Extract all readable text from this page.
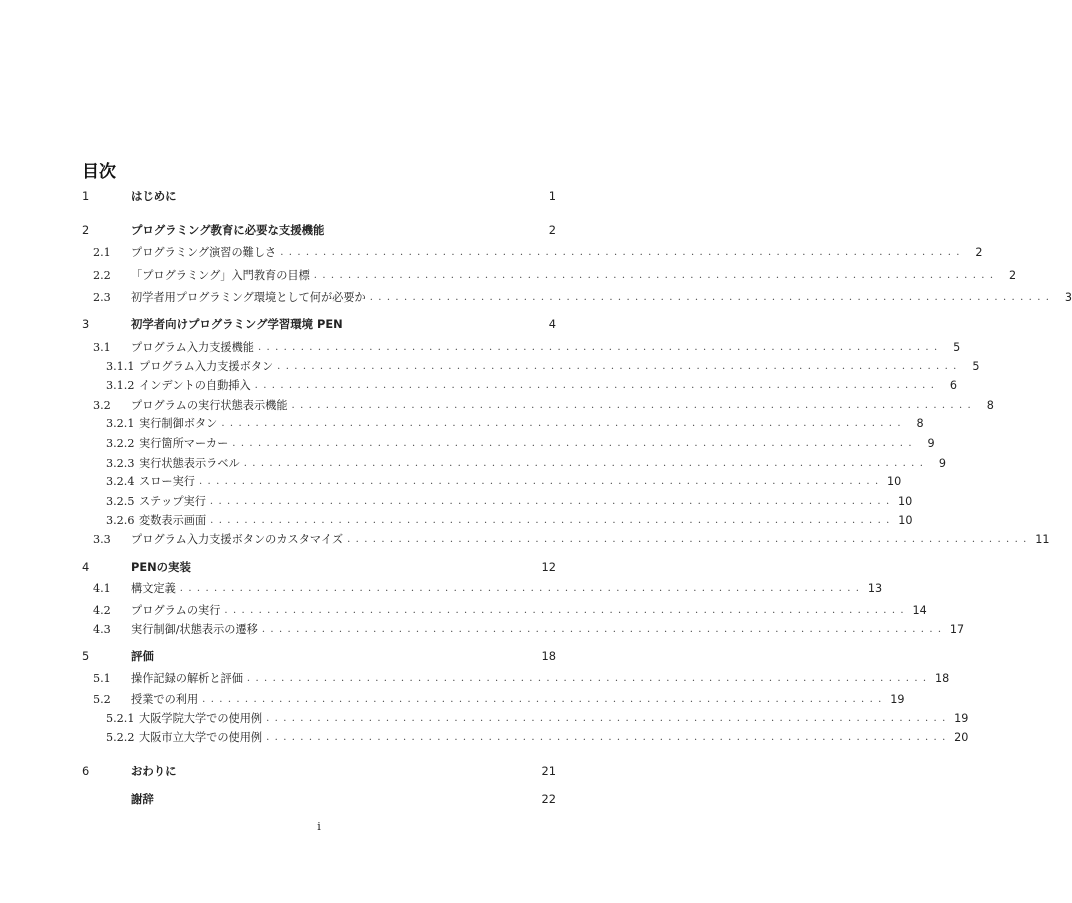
目次
1	はじめに	1
2	プログラミング教育に必要な支援機能	2
2.1	プログラミング演習の難しさ . . . . . . . . . . . . . . . . . . . . . . . . . . . . . . . . . . . . . . . . . . . . . . . . . . . . . . . . . . . . . . . . . . . . . . . . . . . . . . . .	2
2.2	「プログラミング」入門教育の目標 . . . . . . . . . . . . . . . . . . . . . . . . . . . . . . . . . . . . . . . . . . . . . . . . . . . . . . . . . . . . . . . . . . . . . . . . . . . . . . . .	2
2.3	初学者用プログラミング環境として何が必要か . . . . . . . . . . . . . . . . . . . . . . . . . . . . . . . . . . . . . . . . . . . . . . . . . . . . . . . . . . . . . . . . . . . . . . . . . . . . . . . .	3
3	初学者向けプログラミング学習環境 PEN	4
3.1	プログラム入力支援機能 . . . . . . . . . . . . . . . . . . . . . . . . . . . . . . . . . . . . . . . . . . . . . . . . . . . . . . . . . . . . . . . . . . . . . . . . . . . . . . . .	5
3.1.1 プログラム入力支援ボタン . . . . . . . . . . . . . . . . . . . . . . . . . . . . . . . . . . . . . . . . . . . . . . . . . . . . . . . . . . . . . . . . . . . . . . . . . . . . . . . .	5
3.1.2 インデントの自動挿入 . . . . . . . . . . . . . . . . . . . . . . . . . . . . . . . . . . . . . . . . . . . . . . . . . . . . . . . . . . . . . . . . . . . . . . . . . . . . . . . .	6
3.2	プログラムの実行状態表示機能 . . . . . . . . . . . . . . . . . . . . . . . . . . . . . . . . . . . . . . . . . . . . . . . . . . . . . . . . . . . . . . . . . . . . . . . . . . . . . . . .	8
3.2.1 実行制御ボタン . . . . . . . . . . . . . . . . . . . . . . . . . . . . . . . . . . . . . . . . . . . . . . . . . . . . . . . . . . . . . . . . . . . . . . . . . . . . . . . .	8
3.2.2 実行箇所マーカー . . . . . . . . . . . . . . . . . . . . . . . . . . . . . . . . . . . . . . . . . . . . . . . . . . . . . . . . . . . . . . . . . . . . . . . . . . . . . . . .	9
3.2.3 実行状態表示ラベル . . . . . . . . . . . . . . . . . . . . . . . . . . . . . . . . . . . . . . . . . . . . . . . . . . . . . . . . . . . . . . . . . . . . . . . . . . . . . . . .	9
3.2.4 スロー実行 . . . . . . . . . . . . . . . . . . . . . . . . . . . . . . . . . . . . . . . . . . . . . . . . . . . . . . . . . . . . . . . . . . . . . . . . . . . . . . . . 10
3.2.5 ステップ実行 . . . . . . . . . . . . . . . . . . . . . . . . . . . . . . . . . . . . . . . . . . . . . . . . . . . . . . . . . . . . . . . . . . . . . . . . . . . . . . . . 10
3.2.6 変数表示画面 . . . . . . . . . . . . . . . . . . . . . . . . . . . . . . . . . . . . . . . . . . . . . . . . . . . . . . . . . . . . . . . . . . . . . . . . . . . . . . . . 10
3.3	プログラム入力支援ボタンのカスタマイズ . . . . . . . . . . . . . . . . . . . . . . . . . . . . . . . . . . . . . . . . . . . . . . . . . . . . . . . . . . . . . . . . . . . . . . . . . . . . . . . . 11
4	PENの実装	12
4.1	構文定義 . . . . . . . . . . . . . . . . . . . . . . . . . . . . . . . . . . . . . . . . . . . . . . . . . . . . . . . . . . . . . . . . . . . . . . . . . . . . . . . . 13
4.2	プログラムの実行 . . . . . . . . . . . . . . . . . . . . . . . . . . . . . . . . . . . . . . . . . . . . . . . . . . . . . . . . . . . . . . . . . . . . . . . . . . . . . . . . 14
4.3	実行制御/状態表示の遷移 . . . . . . . . . . . . . . . . . . . . . . . . . . . . . . . . . . . . . . . . . . . . . . . . . . . . . . . . . . . . . . . . . . . . . . . . . . . . . . . . 17
5	評価	18
5.1	操作記録の解析と評価 . . . . . . . . . . . . . . . . . . . . . . . . . . . . . . . . . . . . . . . . . . . . . . . . . . . . . . . . . . . . . . . . . . . . . . . . . . . . . . . . 18
5.2	授業での利用 . . . . . . . . . . . . . . . . . . . . . . . . . . . . . . . . . . . . . . . . . . . . . . . . . . . . . . . . . . . . . . . . . . . . . . . . . . . . . . . . 19
5.2.1 大阪学院大学での使用例 . . . . . . . . . . . . . . . . . . . . . . . . . . . . . . . . . . . . . . . . . . . . . . . . . . . . . . . . . . . . . . . . . . . . . . . . . . . . . . . . 19
5.2.2 大阪市立大学での使用例 . . . . . . . . . . . . . . . . . . . . . . . . . . . . . . . . . . . . . . . . . . . . . . . . . . . . . . . . . . . . . . . . . . . . . . . . . . . . . . . . 20
6	おわりに	21
謝辞	22
i
